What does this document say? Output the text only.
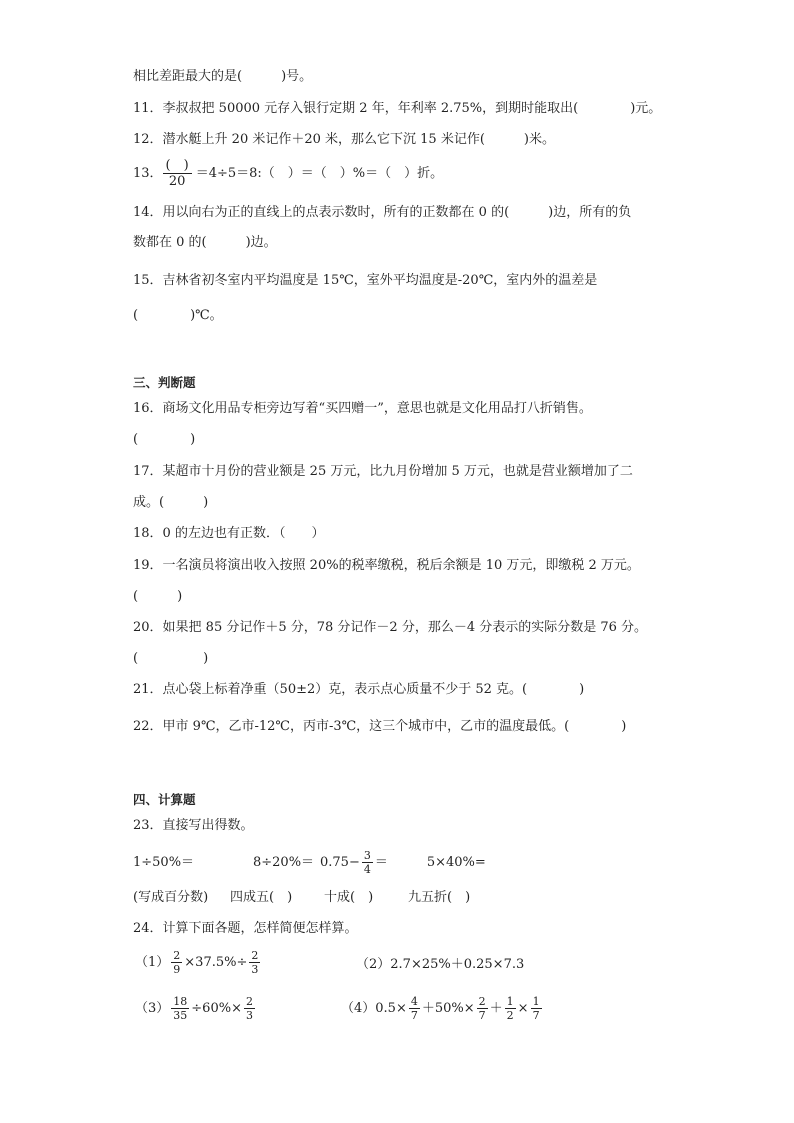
相比差距最大的是(　　　)号。
11．李叔叔把 50000 元存入银行定期 2 年，年利率 2.75%，到期时能取出(　　　　)元。
12．潜水艇上升 20 米记作＋20 米，那么它下沉 15 米记作(　　　)米。
13． $\frac{( )}{20}$ ＝4÷5＝8:（　）＝（　）%＝（　）折。
14．用以向右为正的直线上的点表示数时，所有的正数都在 0 的(　　　)边，所有的负
数都在 0 的(　　　)边。
15．吉林省初冬室内平均温度是 15℃，室外平均温度是-20℃，室内外的温差是
(　　　　)℃。
三、判断题
16．商场文化用品专柜旁边写着“买四赠一”，意思也就是文化用品打八折销售。
(　　　　)
17．某超市十月份的营业额是 25 万元，比九月份增加 5 万元，也就是营业额增加了二
成。(　　　)
18．0 的左边也有正数．（　　）
19．一名演员将演出收入按照 20%的税率缴税，税后余额是 10 万元，即缴税 2 万元。
(　　　)
20．如果把 85 分记作＋5 分，78 分记作－2 分，那么－4 分表示的实际分数是 76 分。
(　　　　　)
21．点心袋上标着净重（50±2）克，表示点心质量不少于 52 克。(　　　　)
22．甲市 9℃，乙市-12℃，丙市-3℃，这三个城市中，乙市的温度最低。(　　　　)
四、计算题
23．直接写出得数。
1÷50%＝	$8\div 20\%= 0.75- \frac{3}{4}$ ＝	5×40%=
(写成百分数) 四成五(　) 十成(　)	九五折(　)
24．计算下面各题，怎样简便怎样算。
$(1) \frac{2}{9} \times 37.5\%\div \frac{2}{3}$	（2）2.7×25%＋0.25×7.3
$(3) \frac{18}{35} \div 60\%\times \frac{2}{3}$	$(4)0.5\times \frac{4}{7} +50\%\times \frac{2}{7} + \frac{1}{2} \times \frac{1}{7}$
